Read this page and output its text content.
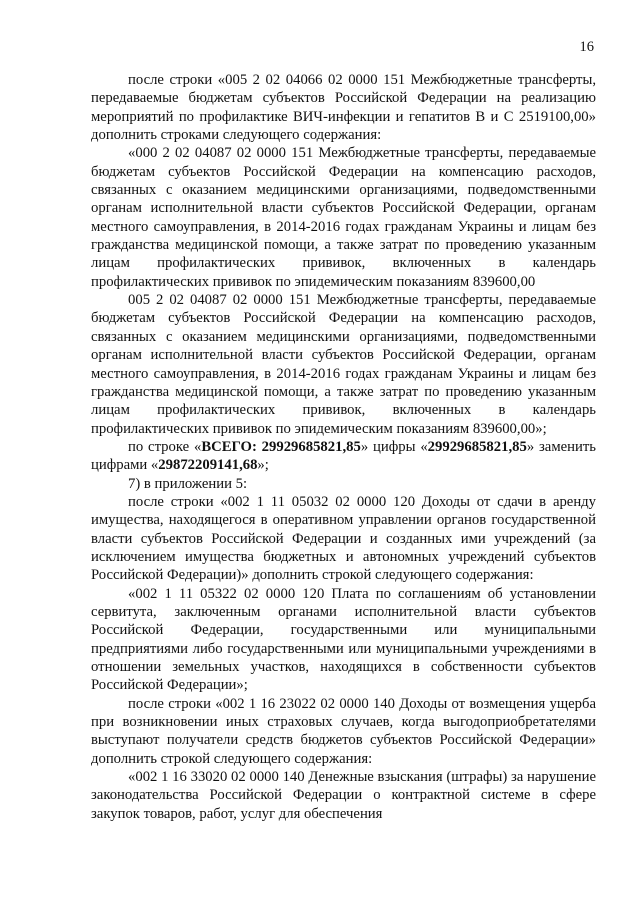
16

после строки «005 2 02 04066 02 0000 151 Межбюджетные трансферты, передаваемые бюджетам субъектов Российской Федерации на реализацию мероприятий по профилактике ВИЧ-инфекции и гепатитов В и С 2519100,00» дополнить строками следующего содержания:

«000 2 02 04087 02 0000 151 Межбюджетные трансферты, передаваемые бюджетам субъектов Российской Федерации на компенсацию расходов, связанных с оказанием медицинскими организациями, подведомственными органам исполнительной власти субъектов Российской Федерации, органам местного самоуправления, в 2014-2016 годах гражданам Украины и лицам без гражданства медицинской помощи, а также затрат по проведению указанным лицам профилактических прививок, включенных в календарь профилактических прививок по эпидемическим показаниям 839600,00

005 2 02 04087 02 0000 151 Межбюджетные трансферты, передаваемые бюджетам субъектов Российской Федерации на компенсацию расходов, связанных с оказанием медицинскими организациями, подведомственными органам исполнительной власти субъектов Российской Федерации, органам местного самоуправления, в 2014-2016 годах гражданам Украины и лицам без гражданства медицинской помощи, а также затрат по проведению указанным лицам профилактических прививок, включенных в календарь профилактических прививок по эпидемическим показаниям 839600,00»;

по строке «ВСЕГО: 29929685821,85» цифры «29929685821,85» заменить цифрами «29872209141,68»;

7) в приложении 5:

после строки «002 1 11 05032 02 0000 120 Доходы от сдачи в аренду имущества, находящегося в оперативном управлении органов государственной власти субъектов Российской Федерации и созданных ими учреждений (за исключением имущества бюджетных и автономных учреждений субъектов Российской Федерации)» дополнить строкой следующего содержания:

«002 1 11 05322 02 0000 120 Плата по соглашениям об установлении сервитута, заключенным органами исполнительной власти субъектов Российской Федерации, государственными или муниципальными предприятиями либо государственными или муниципальными учреждениями в отношении земельных участков, находящихся в собственности субъектов Российской Федерации»;

после строки «002 1 16 23022 02 0000 140 Доходы от возмещения ущерба при возникновении иных страховых случаев, когда выгодоприобретателями выступают получатели средств бюджетов субъектов Российской Федерации» дополнить строкой следующего содержания:

«002 1 16 33020 02 0000 140 Денежные взыскания (штрафы) за нарушение законодательства Российской Федерации о контрактной системе в сфере закупок товаров, работ, услуг для обеспечения
